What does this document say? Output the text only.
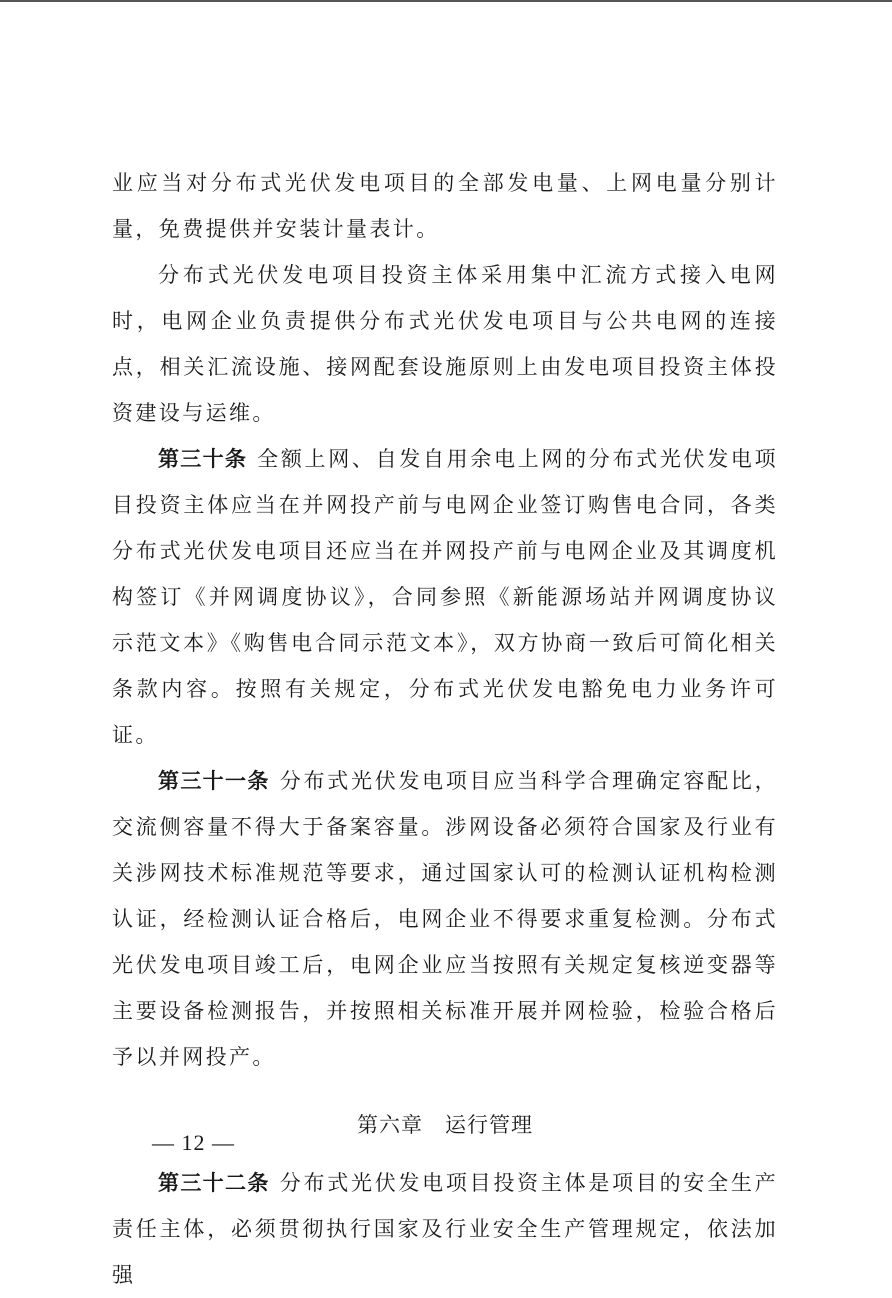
业应当对分布式光伏发电项目的全部发电量、上网电量分别计量，免费提供并安装计量表计。

分布式光伏发电项目投资主体采用集中汇流方式接入电网时，电网企业负责提供分布式光伏发电项目与公共电网的连接点，相关汇流设施、接网配套设施原则上由发电项目投资主体投资建设与运维。

第三十条 全额上网、自发自用余电上网的分布式光伏发电项目投资主体应当在并网投产前与电网企业签订购售电合同，各类分布式光伏发电项目还应当在并网投产前与电网企业及其调度机构签订《并网调度协议》，合同参照《新能源场站并网调度协议示范文本》《购售电合同示范文本》，双方协商一致后可简化相关条款内容。按照有关规定，分布式光伏发电豁免电力业务许可证。

第三十一条 分布式光伏发电项目应当科学合理确定容配比，交流侧容量不得大于备案容量。涉网设备必须符合国家及行业有关涉网技术标准规范等要求，通过国家认可的检测认证机构检测认证，经检测认证合格后，电网企业不得要求重复检测。分布式光伏发电项目竣工后，电网企业应当按照有关规定复核逆变器等主要设备检测报告，并按照相关标准开展并网检验，检验合格后予以并网投产。

第六章　运行管理

第三十二条 分布式光伏发电项目投资主体是项目的安全生产责任主体，必须贯彻执行国家及行业安全生产管理规定，依法加强

— 12 —
